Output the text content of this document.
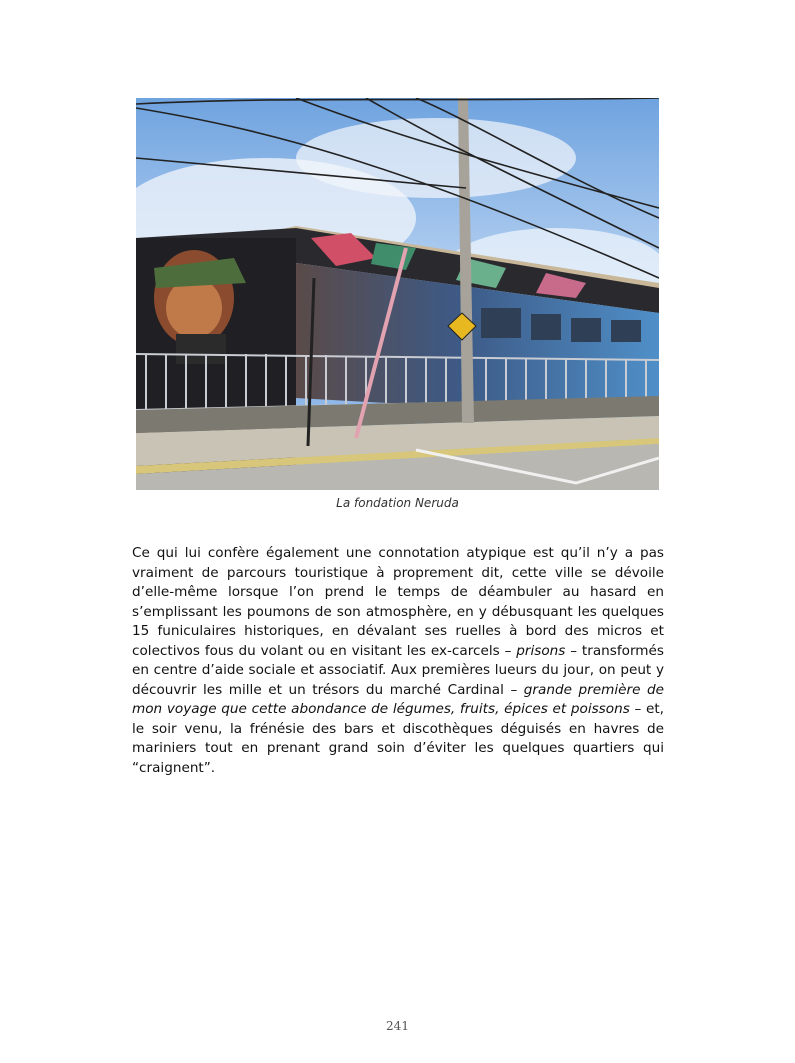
La fondation Neruda

Ce qui lui confère également une connotation atypique est qu’il n’y a pas vraiment de parcours touristique à proprement dit, cette ville se dévoile d’elle-même lorsque l’on prend le temps de déambuler au hasard en s’emplissant les poumons de son atmosphère, en y débusquant les quelques 15 funiculaires historiques, en dévalant ses ruelles à bord des micros et colectivos fous du volant ou en visitant les ex-carcels – prisons – transformés en centre d’aide sociale et associatif. Aux premières lueurs du jour, on peut y découvrir les mille et un trésors du marché Cardinal – grande première de mon voyage que cette abondance de légumes, fruits, épices et poissons – et, le soir venu, la frénésie des bars et discothèques déguisés en havres de mariniers tout en prenant grand soin d’éviter les quelques quartiers qui “craignent”.

241
